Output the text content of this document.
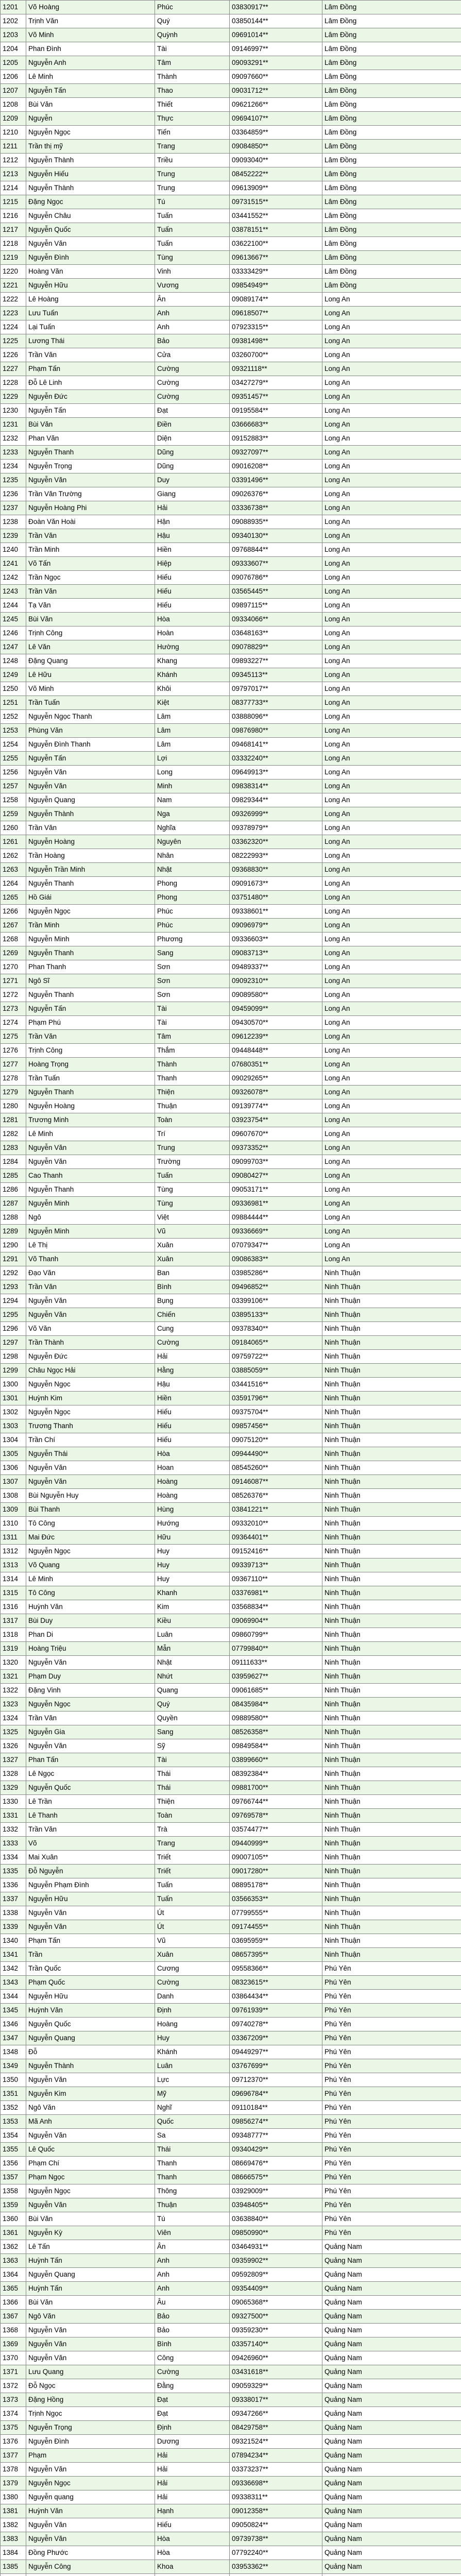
1201	Võ Hoàng	Phúc	03830917**	Lâm Đồng
1202	Trịnh Văn	Quý	03850144**	Lâm Đồng
1203	Võ Minh	Quỳnh	09691014**	Lâm Đồng
1204	Phan Đình	Tài	09146997**	Lâm Đồng
1205	Nguyễn Anh	Tâm	09093291**	Lâm Đồng
1206	Lê Minh	Thành	09097660**	Lâm Đồng
1207	Nguyễn Tấn	Thao	09031712**	Lâm Đồng
1208	Bùi Văn	Thiết	09621266**	Lâm Đồng
1209	Nguyễn	Thực	09694107**	Lâm Đồng
1210	Nguyễn Ngọc	Tiến	03364859**	Lâm Đồng
1211	Trần thị mỹ	Trang	09084850**	Lâm Đồng
1212	Nguyễn Thành	Triều	09093040**	Lâm Đồng
1213	Nguyễn Hiếu	Trung	08452222**	Lâm Đồng
1214	Nguyễn Thành	Trung	09613909**	Lâm Đồng
1215	Đặng Ngọc	Tú	09731515**	Lâm Đồng
1216	Nguyễn Châu	Tuấn	03441552**	Lâm Đồng
1217	Nguyễn Quốc	Tuấn	03878151**	Lâm Đồng
1218	Nguyễn Văn	Tuấn	03622100**	Lâm Đồng
1219	Nguyễn Đình	Tùng	09613667**	Lâm Đồng
1220	Hoàng Văn	Vinh	03333429**	Lâm Đồng
1221	Nguyễn Hữu	Vương	09854949**	Lâm Đồng
1222	Lê Hoàng	Ân	09089174**	Long An
1223	Lưu Tuấn	Anh	09618507**	Long An
1224	Lại Tuấn	Anh	07923315**	Long An
1225	Lương Thái	Bảo	09381498**	Long An
1226	Trần Văn	Cửa	03260700**	Long An
1227	Phạm Tấn	Cường	09321118**	Long An
1228	Đỗ Lê Linh	Cường	03427279**	Long An
1229	Nguyễn Đức	Cường	09351457**	Long An
1230	Nguyễn Tấn	Đạt	09195584**	Long An
1231	Bùi Văn	Điền	03666683**	Long An
1232	Phan Văn	Diện	09152883**	Long An
1233	Nguyễn Thanh	Dũng	09327097**	Long An
1234	Nguyễn Trọng	Dũng	09016208**	Long An
1235	Nguyễn Văn	Duy	03391496**	Long An
1236	Trần Văn Trường	Giang	09026376**	Long An
1237	Nguyễn Hoàng Phi	Hải	03336738**	Long An
1238	Đoàn Văn Hoài	Hận	09088935**	Long An
1239	Trần Văn	Hậu	09340130**	Long An
1240	Trần Minh	Hiền	09768844**	Long An
1241	Võ Tấn	Hiệp	09333607**	Long An
1242	Trần Ngọc	Hiếu	09076786**	Long An
1243	Trần Văn	Hiếu	03565445**	Long An
1244	Tạ Văn	Hiếu	09897115**	Long An
1245	Bùi Văn	Hòa	09334066**	Long An
1246	Trịnh Công	Hoàn	03648163**	Long An
1247	Lê Văn	Hường	09078829**	Long An
1248	Đặng Quang	Khang	09893227**	Long An
1249	Lê Hữu	Khánh	09345113**	Long An
1250	Võ Minh	Khôi	09797017**	Long An
1251	Trần Tuấn	Kiệt	08377733**	Long An
1252	Nguyễn Ngọc Thanh	Lâm	03888096**	Long An
1253	Phùng Văn	Lâm	09876980**	Long An
1254	Nguyễn Đình Thanh	Lâm	09468141**	Long An
1255	Nguyễn Tấn	Lợi	03332240**	Long An
1256	Nguyễn Văn	Long	09649913**	Long An
1257	Nguyễn Văn	Minh	09838314**	Long An
1258	Nguyễn Quang	Nam	09829344**	Long An
1259	Nguyễn Thành	Nga	09326999**	Long An
1260	Trần Văn	Nghĩa	09378979**	Long An
1261	Nguyễn Hoàng	Nguyên	03362320**	Long An
1262	Trần Hoàng	Nhân	08222993**	Long An
1263	Nguyễn Trần Minh	Nhật	09368830**	Long An
1264	Nguyễn Thanh	Phong	09091673**	Long An
1265	Hồ Giái	Phong	03751480**	Long An
1266	Nguyễn Ngọc	Phúc	09338601**	Long An
1267	Trần Minh	Phúc	09096979**	Long An
1268	Nguyễn Minh	Phương	09336603**	Long An
1269	Nguyễn Thanh	Sang	09083713**	Long An
1270	Phan Thanh	Sơn	09489337**	Long An
1271	Ngô Sĩ	Sơn	09092310**	Long An
1272	Nguyễn Thanh	Sơn	09089580**	Long An
1273	Nguyễn Tấn	Tài	09459099**	Long An
1274	Phạm Phú	Tài	09430570**	Long An
1275	Trần Văn	Tâm	09612239**	Long An
1276	Trịnh Công	Thắm	09448448**	Long An
1277	Hoàng Trọng	Thành	07680351**	Long An
1278	Trần Tuấn	Thanh	09029265**	Long An
1279	Nguyễn Thanh	Thiện	09326078**	Long An
1280	Nguyễn Hoàng	Thuận	09139774**	Long An
1281	Trương Minh	Toàn	03923754**	Long An
1282	Lê Minh	Trí	09607670**	Long An
1283	Nguyễn Văn	Trung	09373352**	Long An
1284	Nguyễn Văn	Trường	09099703**	Long An
1285	Cao Thanh	Tuấn	09080427**	Long An
1286	Nguyễn Thanh	Tùng	09053171**	Long An
1287	Nguyễn Minh	Tùng	09336981**	Long An
1288	Ngô	Việt	09884444**	Long An
1289	Nguyễn Minh	Vũ	09336669**	Long An
1290	Lê Thị	Xuân	07079347**	Long An
1291	Võ Thanh	Xuân	09086383**	Long An
1292	Đạo Văn	Ban	03985286**	Ninh Thuận
1293	Trần Văn	Bình	09496852**	Ninh Thuận
1294	Nguyễn Văn	Bụng	03399106**	Ninh Thuận
1295	Nguyễn Văn	Chiến	03895133**	Ninh Thuận
1296	Võ Văn	Cung	09378340**	Ninh Thuận
1297	Trần Thành	Cường	09184065**	Ninh Thuận
1298	Nguyễn Đức	Hải	09759722**	Ninh Thuận
1299	Châu Ngọc Hải	Hằng	03885059**	Ninh Thuận
1300	Nguyễn Ngọc	Hậu	03441516**	Ninh Thuận
1301	Huỳnh Kim	Hiền	03591796**	Ninh Thuận
1302	Nguyễn Ngọc	Hiếu	09375704**	Ninh Thuận
1303	Trương Thanh	Hiếu	09857456**	Ninh Thuận
1304	Trần Chí	Hiếu	09075120**	Ninh Thuận
1305	Nguyễn Thái	Hòa	09944490**	Ninh Thuận
1306	Nguyễn Văn	Hoan	08545260**	Ninh Thuận
1307	Nguyễn Văn	Hoàng	09146087**	Ninh Thuận
1308	Bùi Nguyễn Huy	Hoàng	08526376**	Ninh Thuận
1309	Bùi Thanh	Hùng	03841221**	Ninh Thuận
1310	Tô Công	Hướng	09332010**	Ninh Thuận
1311	Mai Đức	Hữu	09364401**	Ninh Thuận
1312	Nguyễn Ngọc	Huy	09152416**	Ninh Thuận
1313	Võ Quang	Huy	09339713**	Ninh Thuận
1314	Lê Minh	Huy	09367110**	Ninh Thuận
1315	Tô Công	Khanh	03376981**	Ninh Thuận
1316	Huỳnh Văn	Kim	03568834**	Ninh Thuận
1317	Bùi Duy	Kiều	09069904**	Ninh Thuận
1318	Phan Di	Luân	09860799**	Ninh Thuận
1319	Hoàng Triệu	Mẫn	07799840**	Ninh Thuận
1320	Nguyễn Văn	Nhật	09111633**	Ninh Thuận
1321	Phạm Duy	Nhứt	03959627**	Ninh Thuận
1322	Đặng Vinh	Quang	09061685**	Ninh Thuận
1323	Nguyễn Ngọc	Quý	08435984**	Ninh Thuận
1324	Trần Văn	Quyền	09889580**	Ninh Thuận
1325	Nguyễn Gia	Sang	08526358**	Ninh Thuận
1326	Nguyễn Văn	Sỹ	09849584**	Ninh Thuận
1327	Phan Tấn	Tài	03899660**	Ninh Thuận
1328	Lê Ngọc	Thái	08392384**	Ninh Thuận
1329	Nguyễn Quốc	Thái	09881700**	Ninh Thuận
1330	Lê Trần	Thiện	09766744**	Ninh Thuận
1331	Lê Thanh	Toàn	09769578**	Ninh Thuận
1332	Trần Văn	Trà	03574477**	Ninh Thuận
1333	Võ	Trang	09440999**	Ninh Thuận
1334	Mai Xuân	Triết	09007105**	Ninh Thuận
1335	Đỗ Nguyễn	Triết	09017280**	Ninh Thuận
1336	Nguyễn Phạm Đình	Tuấn	08895178**	Ninh Thuận
1337	Nguyễn Hữu	Tuấn	03566353**	Ninh Thuận
1338	Nguyễn Văn	Út	07799555**	Ninh Thuận
1339	Nguyễn Văn	Út	09174455**	Ninh Thuận
1340	Phạm Tấn	Vũ	03695959**	Ninh Thuận
1341	Trần	Xuân	08657395**	Ninh Thuận
1342	Trần Quốc	Cương	09558366**	Phú Yên
1343	Phạm Quốc	Cường	08323615**	Phú Yên
1344	Nguyễn Hữu	Danh	03864434**	Phú Yên
1345	Huỳnh Văn	Định	09761939**	Phú Yên
1346	Nguyễn Quốc	Hoàng	09740278**	Phú Yên
1347	Nguyễn Quang	Huy	03367209**	Phú Yên
1348	Đỗ	Khánh	09449297**	Phú Yên
1349	Nguyễn Thành	Luân	03767699**	Phú Yên
1350	Nguyễn Văn	Lực	09712370**	Phú Yên
1351	Nguyễn Kim	Mỹ	09696784**	Phú Yên
1352	Ngô Văn	Nghĩ	09110184**	Phú Yên
1353	Mã Anh	Quốc	09856274**	Phú Yên
1354	Nguyễn Văn	Sa	09348777**	Phú Yên
1355	Lê Quốc	Thái	09340429**	Phú Yên
1356	Phạm Chí	Thanh	08669476**	Phú Yên
1357	Phạm Ngọc	Thanh	08666575**	Phú Yên
1358	Nguyễn Ngọc	Thông	03929009**	Phú Yên
1359	Nguyễn Văn	Thuận	03948405**	Phú Yên
1360	Bùi Văn	Tú	03638840**	Phú Yên
1361	Nguyễn Kỳ	Viên	09850990**	Phú Yên
1362	Lê Tấn	Ân	03464931**	Quảng Nam
1363	Huỳnh Tấn	Anh	09359902**	Quảng Nam
1364	Nguyễn Quang	Anh	09592809**	Quảng Nam
1365	Huỳnh Tấn	Anh	09354409**	Quảng Nam
1366	Bùi Văn	Âu	09065368**	Quảng Nam
1367	Ngô Văn	Bảo	09327500**	Quảng Nam
1368	Nguyễn Văn	Bảo	09359230**	Quảng Nam
1369	Nguyễn Văn	Bình	03357140**	Quảng Nam
1370	Nguyễn Văn	Công	09426960**	Quảng Nam
1371	Lưu Quang	Cường	03431618**	Quảng Nam
1372	Đỗ Ngọc	Đằng	09059329**	Quảng Nam
1373	Đặng Hồng	Đạt	09338017**	Quảng Nam
1374	Trịnh Ngọc	Đạt	09347266**	Quảng Nam
1375	Nguyễn Trọng	Định	08429758**	Quảng Nam
1376	Nguyễn Đình	Dương	09321524**	Quảng Nam
1377	Phạm	Hải	07894234**	Quảng Nam
1378	Nguyễn Văn	Hải	03373237**	Quảng Nam
1379	Nguyễn Ngọc	Hải	09336698**	Quảng Nam
1380	Nguyễn quang	Hải	09338311**	Quảng Nam
1381	Huỳnh Văn	Hạnh	09012358**	Quảng Nam
1382	Nguyễn Văn	Hiếu	09050824**	Quảng Nam
1383	Nguyễn Văn	Hòa	09739738**	Quảng Nam
1384	Đồng Phước	Hòa	07792240**	Quảng Nam
1385	Nguyễn Công	Khoa	03953362**	Quảng Nam
